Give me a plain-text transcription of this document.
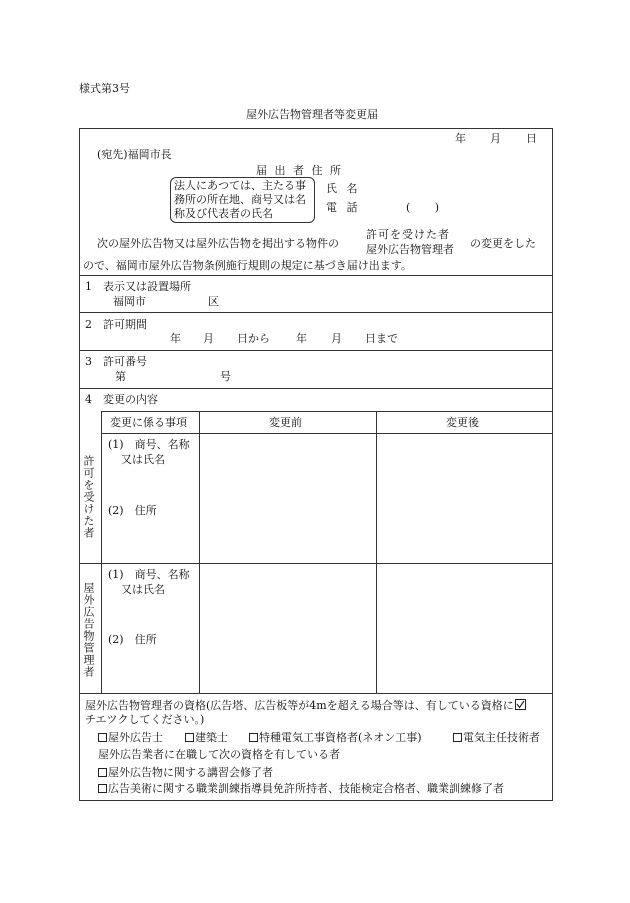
様式第3号
屋外広告物管理者等変更届
年 月 日
(宛先)福岡市長
届 出 者 住 所
法人にあつては、主たる事
務所の所在地、商号又は名
称及び代表者の氏名
氏 名
電 話	(       )
次の屋外広告物又は屋外広告物を掲出する物件の
許可を受けた者
屋外広告物管理者 の変更をした
ので、福岡市屋外広告物条例施行規則の規定に基づき届け出ます。
1　表示又は設置場所
福岡市	区
2　許可期間
年 月 日から 年 月 日まで
3　許可番号
第	号
4　変更の内容
変更に係る事項	変更前	変更後
許可を受けた者
(1)　商号、名称
又は氏名
(2)　住所
屋外広告物管理者
(1)　商号、名称
又は氏名
(2)　住所
屋外広告物管理者の資格(広告塔、広告板等が4mを超える場合等は、有している資格に
チエツクしてください。)
屋外広告士	建築士	特種電気工事資格者(ネオン工事)	電気主任技術者
屋外広告業者に在職して次の資格を有している者
屋外広告物に関する講習会修了者
広告美術に関する職業訓練指導員免許所持者、技能検定合格者、職業訓練修了者
